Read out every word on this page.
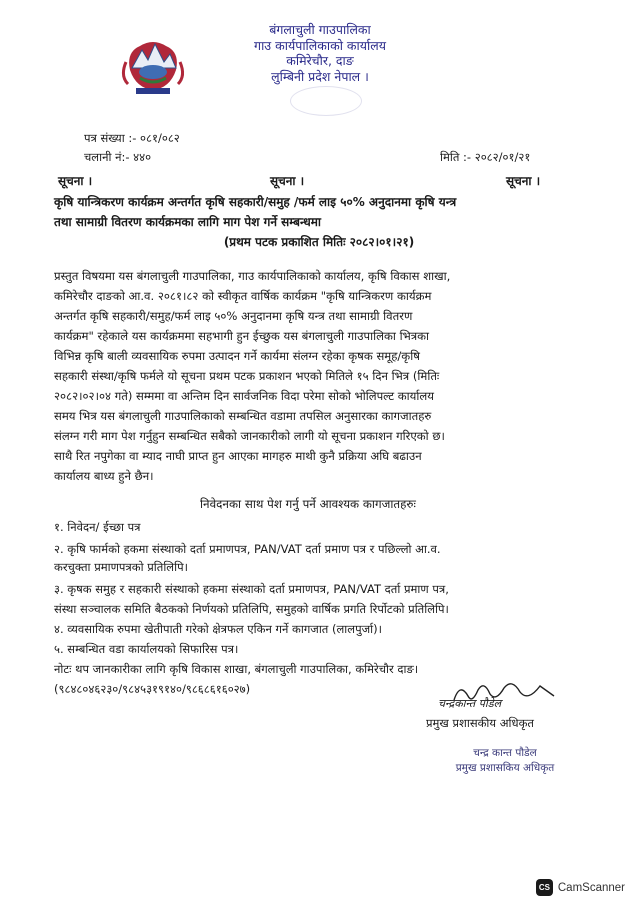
बंगलाचुली गाउपालिका
गाउ कार्यपालिकाको कार्यालय
कमिरेचौर, दाङ
लुम्बिनी प्रदेश नेपाल ।
पत्र संख्या :- ०८१/०८२
चलानी नं:- ४४०	मिति :- २०८२/०१/२१
सूचना ।	सूचना ।	सूचना ।
कृषि यान्त्रिकरण कार्यक्रम अन्तर्गत कृषि सहकारी/समुह /फर्म लाइ ५०% अनुदानमा कृषि यन्त्र
तथा सामाग्री वितरण कार्यक्रमका लागि माग पेश गर्ने सम्बन्धमा
(प्रथम पटक प्रकाशित मितिः २०८२।०१।२१)
प्रस्तुत विषयमा यस बंगलाचुली गाउपालिका, गाउ कार्यपालिकाको कार्यालय, कृषि विकास शाखा,
कमिरेचौर दाङको आ.व. २०८१।८२ को स्वीकृत वार्षिक कार्यक्रम "कृषि यान्त्रिकरण कार्यक्रम
अन्तर्गत कृषि सहकारी/समुह/फर्म लाइ ५०% अनुदानमा कृषि यन्त्र तथा सामाग्री वितरण
कार्यक्रम" रहेकाले यस कार्यक्रममा सहभागी हुन ईच्छुक यस बंगलाचुली गाउपालिका भित्रका
विभिन्न कृषि बाली व्यवसायिक रुपमा उत्पादन गर्ने कार्यमा संलग्न रहेका कृषक समूह/कृषि
सहकारी संस्था/कृषि फर्मले यो सूचना प्रथम पटक प्रकाशन भएको मितिले १५ दिन भित्र (मितिः
२०८२।०२।०४ गते) सम्ममा वा अन्तिम दिन सार्वजनिक विदा परेमा सोको भोलिपल्ट कार्यालय
समय भित्र यस बंगलाचुली गाउपालिकाको सम्बन्धित वडामा तपसिल अनुसारका कागजातहरु
संलग्न गरी माग पेश गर्नुहुन सम्बन्धित सबैको जानकारीको लागी यो सूचना प्रकाशन गरिएको छ।
साथै रित नपुगेका वा म्याद नाघी प्राप्त हुन आएका मागहरु माथी कुनै प्रक्रिया अघि बढाउन
कार्यालय बाध्य हुने छैन।
निवेदनका साथ पेश गर्नु पर्ने आवश्यक कागजातहरुः
१. निवेदन/ ईच्छा पत्र
२. कृषि फार्मको हकमा संस्थाको दर्ता प्रमाणपत्र, PAN/VAT दर्ता प्रमाण पत्र र पछिल्लो आ.व.
करचुक्ता प्रमाणपत्रको प्रतिलिपि।
३. कृषक समुह र सहकारी संस्थाको हकमा संस्थाको दर्ता प्रमाणपत्र, PAN/VAT दर्ता प्रमाण पत्र,
संस्था सञ्चालक समिति बैठकको निर्णयको प्रतिलिपि, समुहको वार्षिक प्रगति रिर्पोटको प्रतिलिपि।
४. व्यवसायिक रुपमा खेतीपाती गरेको क्षेत्रफल एकिन गर्ने कागजात (लालपुर्जा)।
५. सम्बन्धित वडा कार्यालयको सिफारिस पत्र।
नोटः थप जानकारीका लागि कृषि विकास शाखा, बंगलाचुली गाउपालिका, कमिरेचौर दाङ।
(९८४८०४६२३०/९८४५३१९१४०/९८६८६१६०२७)
चन्द्रकान्त पौडेल
प्रमुख प्रशासकीय अधिकृत
चन्द्र कान्त पौडेल
प्रमुख प्रशासकिय अधिकृत
CS CamScanner
